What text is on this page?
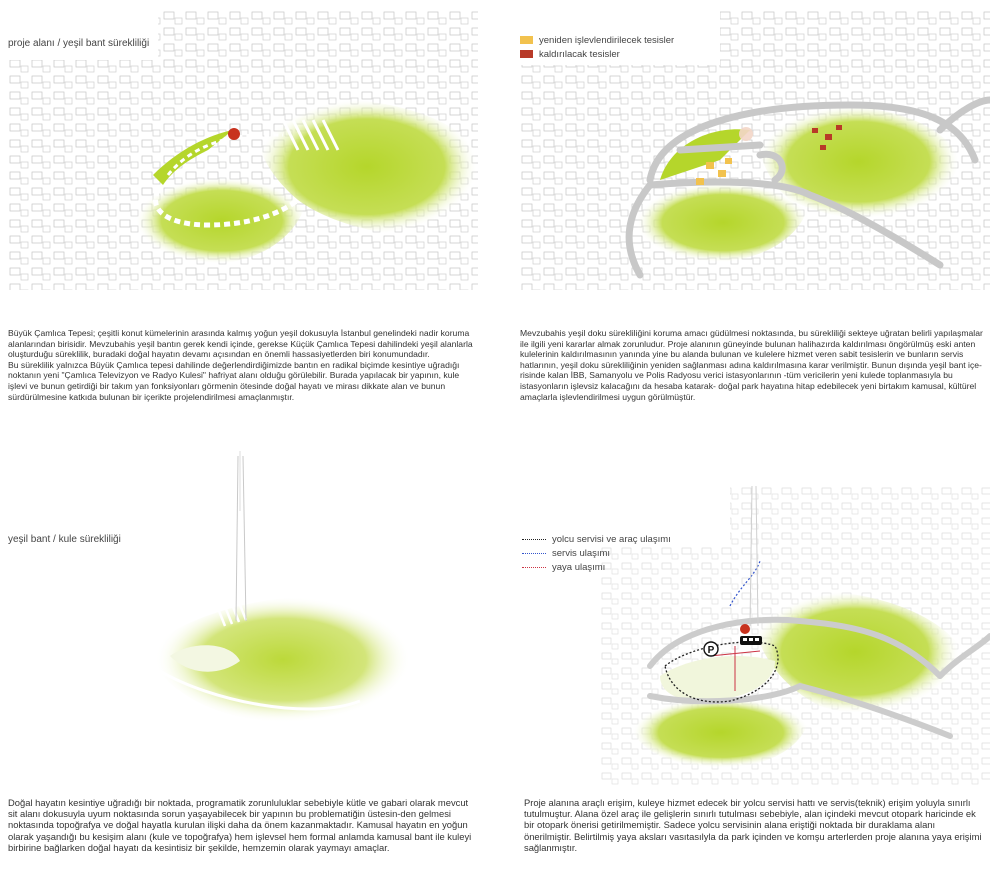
proje alanı / yeşil bant sürekliliği

Büyük Çamlıca Tepesi; çeşitli konut kümelerinin arasında kalmış yoğun yeşil dokusuyla İstanbul genelindeki nadir koruma alanlarından birisidir. Mevzubahis yeşil bantın gerek kendi içinde, gerekse Küçük Çamlıca Tepesi dahilindeki yeşil alanlarla oluşturduğu süreklilik, buradaki doğal hayatın devamı açısından en önemli hassasiyetlerden biri konumundadır.

Bu süreklilik yalnızca Büyük Çamlıca tepesi dahilinde değerlendirdiğimizde bantın en radikal biçimde kesintiye uğradığı noktanın yeni "Çamlıca Televizyon ve Radyo Kulesi" hafriyat alanı olduğu görülebilir. Burada yapılacak bir yapının, kule işlevi ve bunun getirdiği bir takım yan fonksiyonları görmenin ötesinde doğal hayatı ve mirası dikkate alan ve bunun sürdürülmesine katkıda bulunan bir içerikte projelendirilmesi amaçlanmıştır.

yeniden işlevlendirilecek tesisler
kaldırılacak tesisler

Mevzubahis yeşil doku sürekliliğini koruma amacı güdülmesi noktasında, bu sürekliliği sekteye uğratan belirli yapılaşmalar ile ilgili yeni kararlar almak zorunludur. Proje alanının güneyinde bulunan halihazırda kaldırılması öngörülmüş eski anten kulelerinin kaldırılmasının yanında yine bu alanda bulunan ve kulelere hizmet veren sabit tesislerin ve bunların servis hatlarının, yeşil doku sürekliliğinin yeniden sağlanması adına kaldırılmasına karar verilmiştir. Bunun dışında yeşil bant içe-risinde kalan İBB, Samanyolu ve Polis Radyosu verici istasyonlarının -tüm vericilerin yeni kulede toplanmasıyla bu istasyonların işlevsiz kalacağını da hesaba katarak- doğal park hayatına hitap edebilecek yeni birtakım kamusal, kültürel amaçlarla işlevlendirilmesi uygun görülmüştür.

yeşil bant / kule sürekliliği

Doğal hayatın kesintiye uğradığı bir noktada, programatik zorunluluklar sebebiyle kütle ve gabari olarak mevcut sit alanı dokusuyla uyum noktasında sorun yaşayabilecek bir yapının bu problematiğin üstesin-den gelmesi noktasında topoğrafya ve doğal hayatla kurulan ilişki daha da önem kazanmaktadır. Kamusal hayatın en yoğun olarak yaşandığı bu kesişim alanı (kule ve topoğrafya) hem işlevsel hem formal anlamda kamusal bant ile kuleyi birbirine bağlarken doğal hayatı da kesintisiz bir şekilde, hemzemin olarak yaymayı amaçlar.

P
yolcu servisi ve araç ulaşımı
servis ulaşımı
yaya ulaşımı

Proje alanına araçlı erişim, kuleye hizmet edecek bir yolcu servisi hattı ve servis(teknik) erişim yoluyla sınırlı tutulmuştur. Alana özel araç ile gelişlerin sınırlı tutulması sebebiyle, alan içindeki mevcut otopark haricinde ek bir otopark önerisi getirilmemiştir. Sadece yolcu servisinin alana eriştiği noktada bir duraklama alanı önerilmiştir. Belirtilmiş yaya aksları vasıtasılyla da park içinden ve komşu arterlerden proje alanına yaya erişimi sağlanmıştır.
